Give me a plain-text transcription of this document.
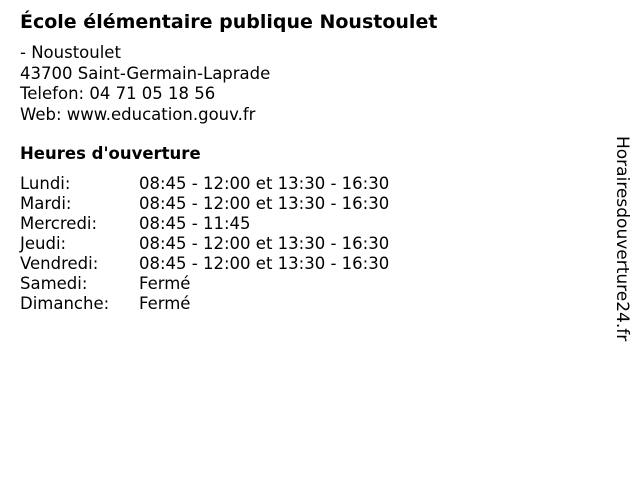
École élémentaire publique Noustoulet
- Noustoulet
43700 Saint-Germain-Laprade
Telefon: 04 71 05 18 56
Web: www.education.gouv.fr
Heures d'ouverture
Lundi:	08:45 - 12:00 et 13:30 - 16:30
Mardi:	08:45 - 12:00 et 13:30 - 16:30
Mercredi:	08:45 - 11:45
Jeudi:	08:45 - 12:00 et 13:30 - 16:30
Vendredi: 08:45 - 12:00 et 13:30 - 16:30
Samedi:	Fermé
Dimanche: Fermé	Horairesdouverture24.fr
